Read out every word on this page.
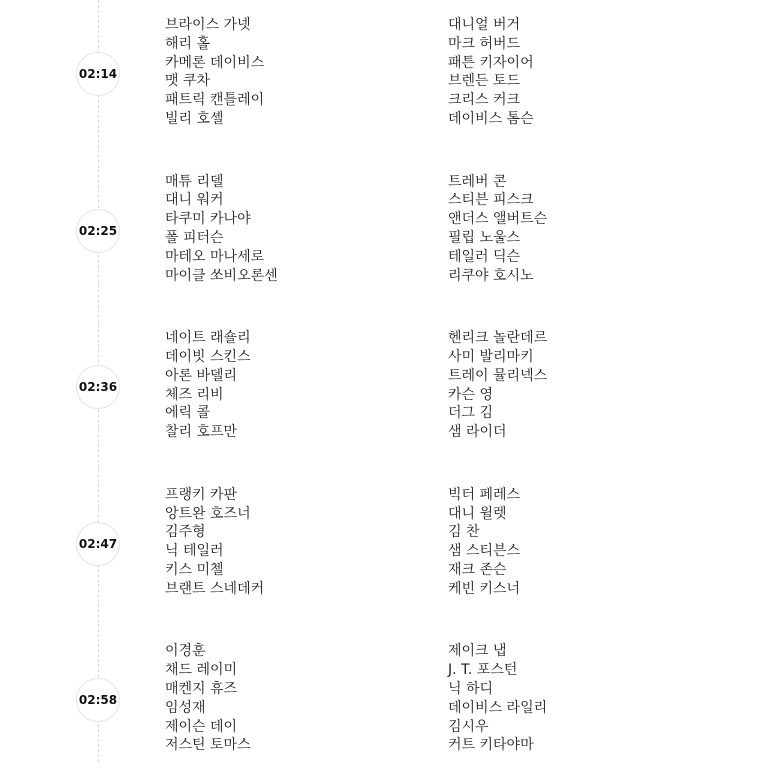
02:14
브라이스 가넷
해리 홀
카메론 데이비스
맷 쿠차
패트릭 캔틀레이
빌리 호셸
대니얼 버거
마크 허버드
패튼 키자이어
브렌든 토드
크리스 커크
데이비스 톰슨
02:25
매튜 리델
대니 워커
타쿠미 카나야
폴 피터슨
마테오 마나세로
마이클 쏘비오론센
트레버 콘
스티븐 피스크
앤더스 앨버트슨
필립 노울스
테일러 딕슨
리쿠야 호시노
02:36
네이트 래숄리
데이빗 스킨스
아론 바델리
체즈 리비
에릭 콜
찰리 호프만
헨리크 놀란데르
사미 발리마키
트레이 뮬리넥스
카슨 영
더그 김
샘 라이더
02:47
프랭키 카판
앙트완 호즈너
김주형
닉 테일러
키스 미첼
브랜트 스네데커
빅터 페레스
대니 윌렛
김 찬
샘 스티븐스
재크 존슨
케빈 키스너
02:58
이경훈
채드 레이미
매켄지 휴즈
임성재
제이슨 데이
저스틴 토마스
제이크 냅
J. T. 포스턴
닉 하디
데이비스 라일리
김시우
커트 키타야마
